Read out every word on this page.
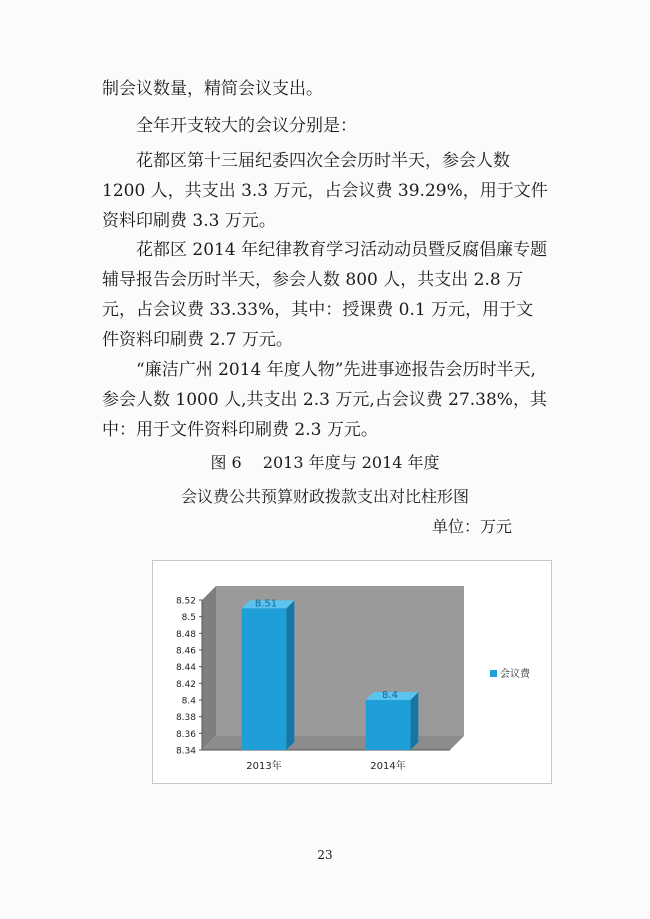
制会议数量，精简会议支出。

全年开支较大的会议分别是：

花都区第十三届纪委四次全会历时半天，参会人数 1200 人，共支出 3.3 万元，占会议费 39.29%，用于文件资料印刷费 3.3 万元。

花都区 2014 年纪律教育学习活动动员暨反腐倡廉专题辅导报告会历时半天，参会人数 800 人，共支出 2.8 万元，占会议费 33.33%，其中：授课费 0.1 万元，用于文件资料印刷费 2.7 万元。

“廉洁广州 2014 年度人物”先进事迹报告会历时半天,参会人数 1000 人,共支出 2.3 万元,占会议费 27.38%，其中：用于文件资料印刷费 2.3 万元。

图 6　 2013 年度与 2014 年度
会议费公共预算财政拨款支出对比柱形图
单位：万元
8.34
8.36
8.38
8.4
8.42
8.44
8.46
8.48
8.5
8.52	8.51
2013年
8.4
2014年
会议费
23
